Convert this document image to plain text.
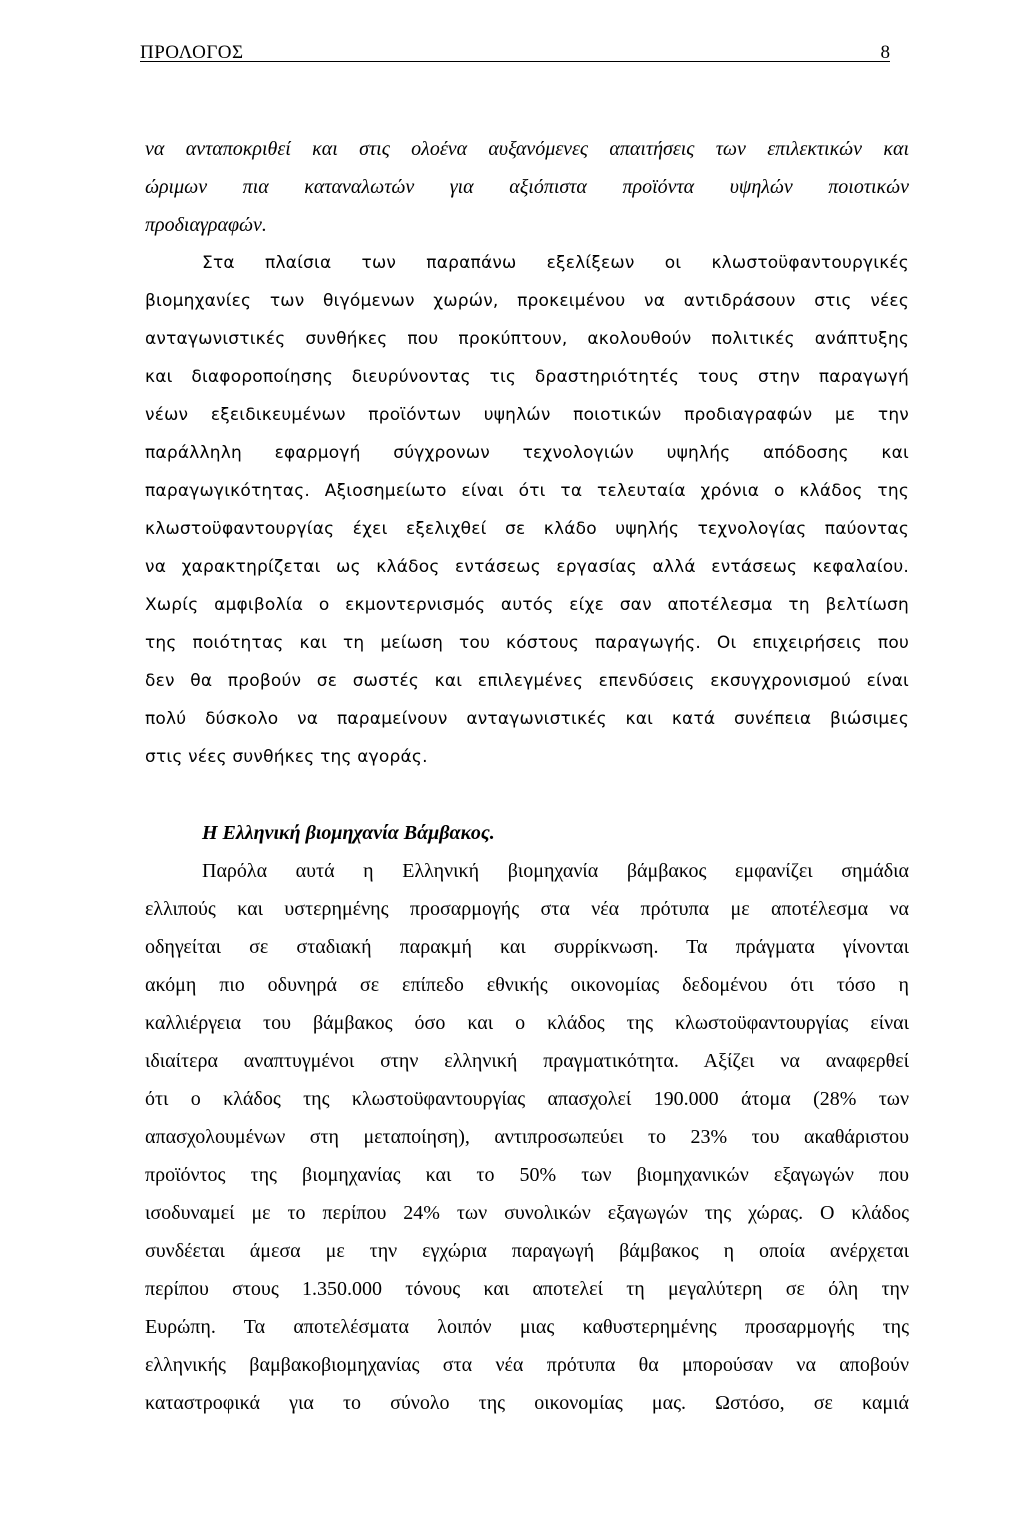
ΠΡΟΛΟΓΟΣ	8
να ανταποκριθεί και στις ολοένα αυξανόμενες απαιτήσεις των επιλεκτικών και
ώριμων πια καταναλωτών για αξιόπιστα προϊόντα υψηλών ποιοτικών
προδιαγραφών.
Στα πλαίσια των παραπάνω εξελίξεων οι κλωστοϋφαντουργικές
βιομηχανίες των θιγόμενων χωρών, προκειμένου να αντιδράσουν στις νέες
ανταγωνιστικές συνθήκες που προκύπτουν, ακολουθούν πολιτικές ανάπτυξης
και διαφοροποίησης διευρύνοντας τις δραστηριότητές τους στην παραγωγή
νέων εξειδικευμένων προϊόντων υψηλών ποιοτικών προδιαγραφών με την
παράλληλη εφαρμογή σύγχρονων τεχνολογιών υψηλής απόδοσης και
παραγωγικότητας. Αξιοσημείωτο είναι ότι τα τελευταία χρόνια ο κλάδος της
κλωστοϋφαντουργίας έχει εξελιχθεί σε κλάδο υψηλής τεχνολογίας παύοντας
να χαρακτηρίζεται ως κλάδος εντάσεως εργασίας αλλά εντάσεως κεφαλαίου.
Χωρίς αμφιβολία ο εκμοντερνισμός αυτός είχε σαν αποτέλεσμα τη βελτίωση
της ποιότητας και τη μείωση του κόστους παραγωγής. Οι επιχειρήσεις που
δεν θα προβούν σε σωστές και επιλεγμένες επενδύσεις εκσυγχρονισμού είναι
πολύ δύσκολο να παραμείνουν ανταγωνιστικές και κατά συνέπεια βιώσιμες
στις νέες συνθήκες της αγοράς.
Η Ελληνική βιομηχανία Βάμβακος.
Παρόλα αυτά η Ελληνική βιομηχανία βάμβακος εμφανίζει σημάδια
ελλιπούς και υστερημένης προσαρμογής στα νέα πρότυπα με αποτέλεσμα να
οδηγείται σε σταδιακή παρακμή και συρρίκνωση. Τα πράγματα γίνονται
ακόμη πιο οδυνηρά σε επίπεδο εθνικής οικονομίας δεδομένου ότι τόσο η
καλλιέργεια του βάμβακος όσο και ο κλάδος της κλωστοϋφαντουργίας είναι
ιδιαίτερα αναπτυγμένοι στην ελληνική πραγματικότητα. Αξίζει να αναφερθεί
ότι ο κλάδος της κλωστοϋφαντουργίας απασχολεί 190.000 άτομα (28% των
απασχολουμένων στη μεταποίηση), αντιπροσωπεύει το 23% του ακαθάριστου
προϊόντος της βιομηχανίας και το 50% των βιομηχανικών εξαγωγών που
ισοδυναμεί με το περίπου 24% των συνολικών εξαγωγών της χώρας. Ο κλάδος
συνδέεται άμεσα με την εγχώρια παραγωγή βάμβακος η οποία ανέρχεται
περίπου στους 1.350.000 τόνους και αποτελεί τη μεγαλύτερη σε όλη την
Ευρώπη. Τα αποτελέσματα λοιπόν μιας καθυστερημένης προσαρμογής της
ελληνικής βαμβακοβιομηχανίας στα νέα πρότυπα θα μπορούσαν να αποβούν
καταστροφικά για το σύνολο της οικονομίας μας. Ωστόσο, σε καμιά
